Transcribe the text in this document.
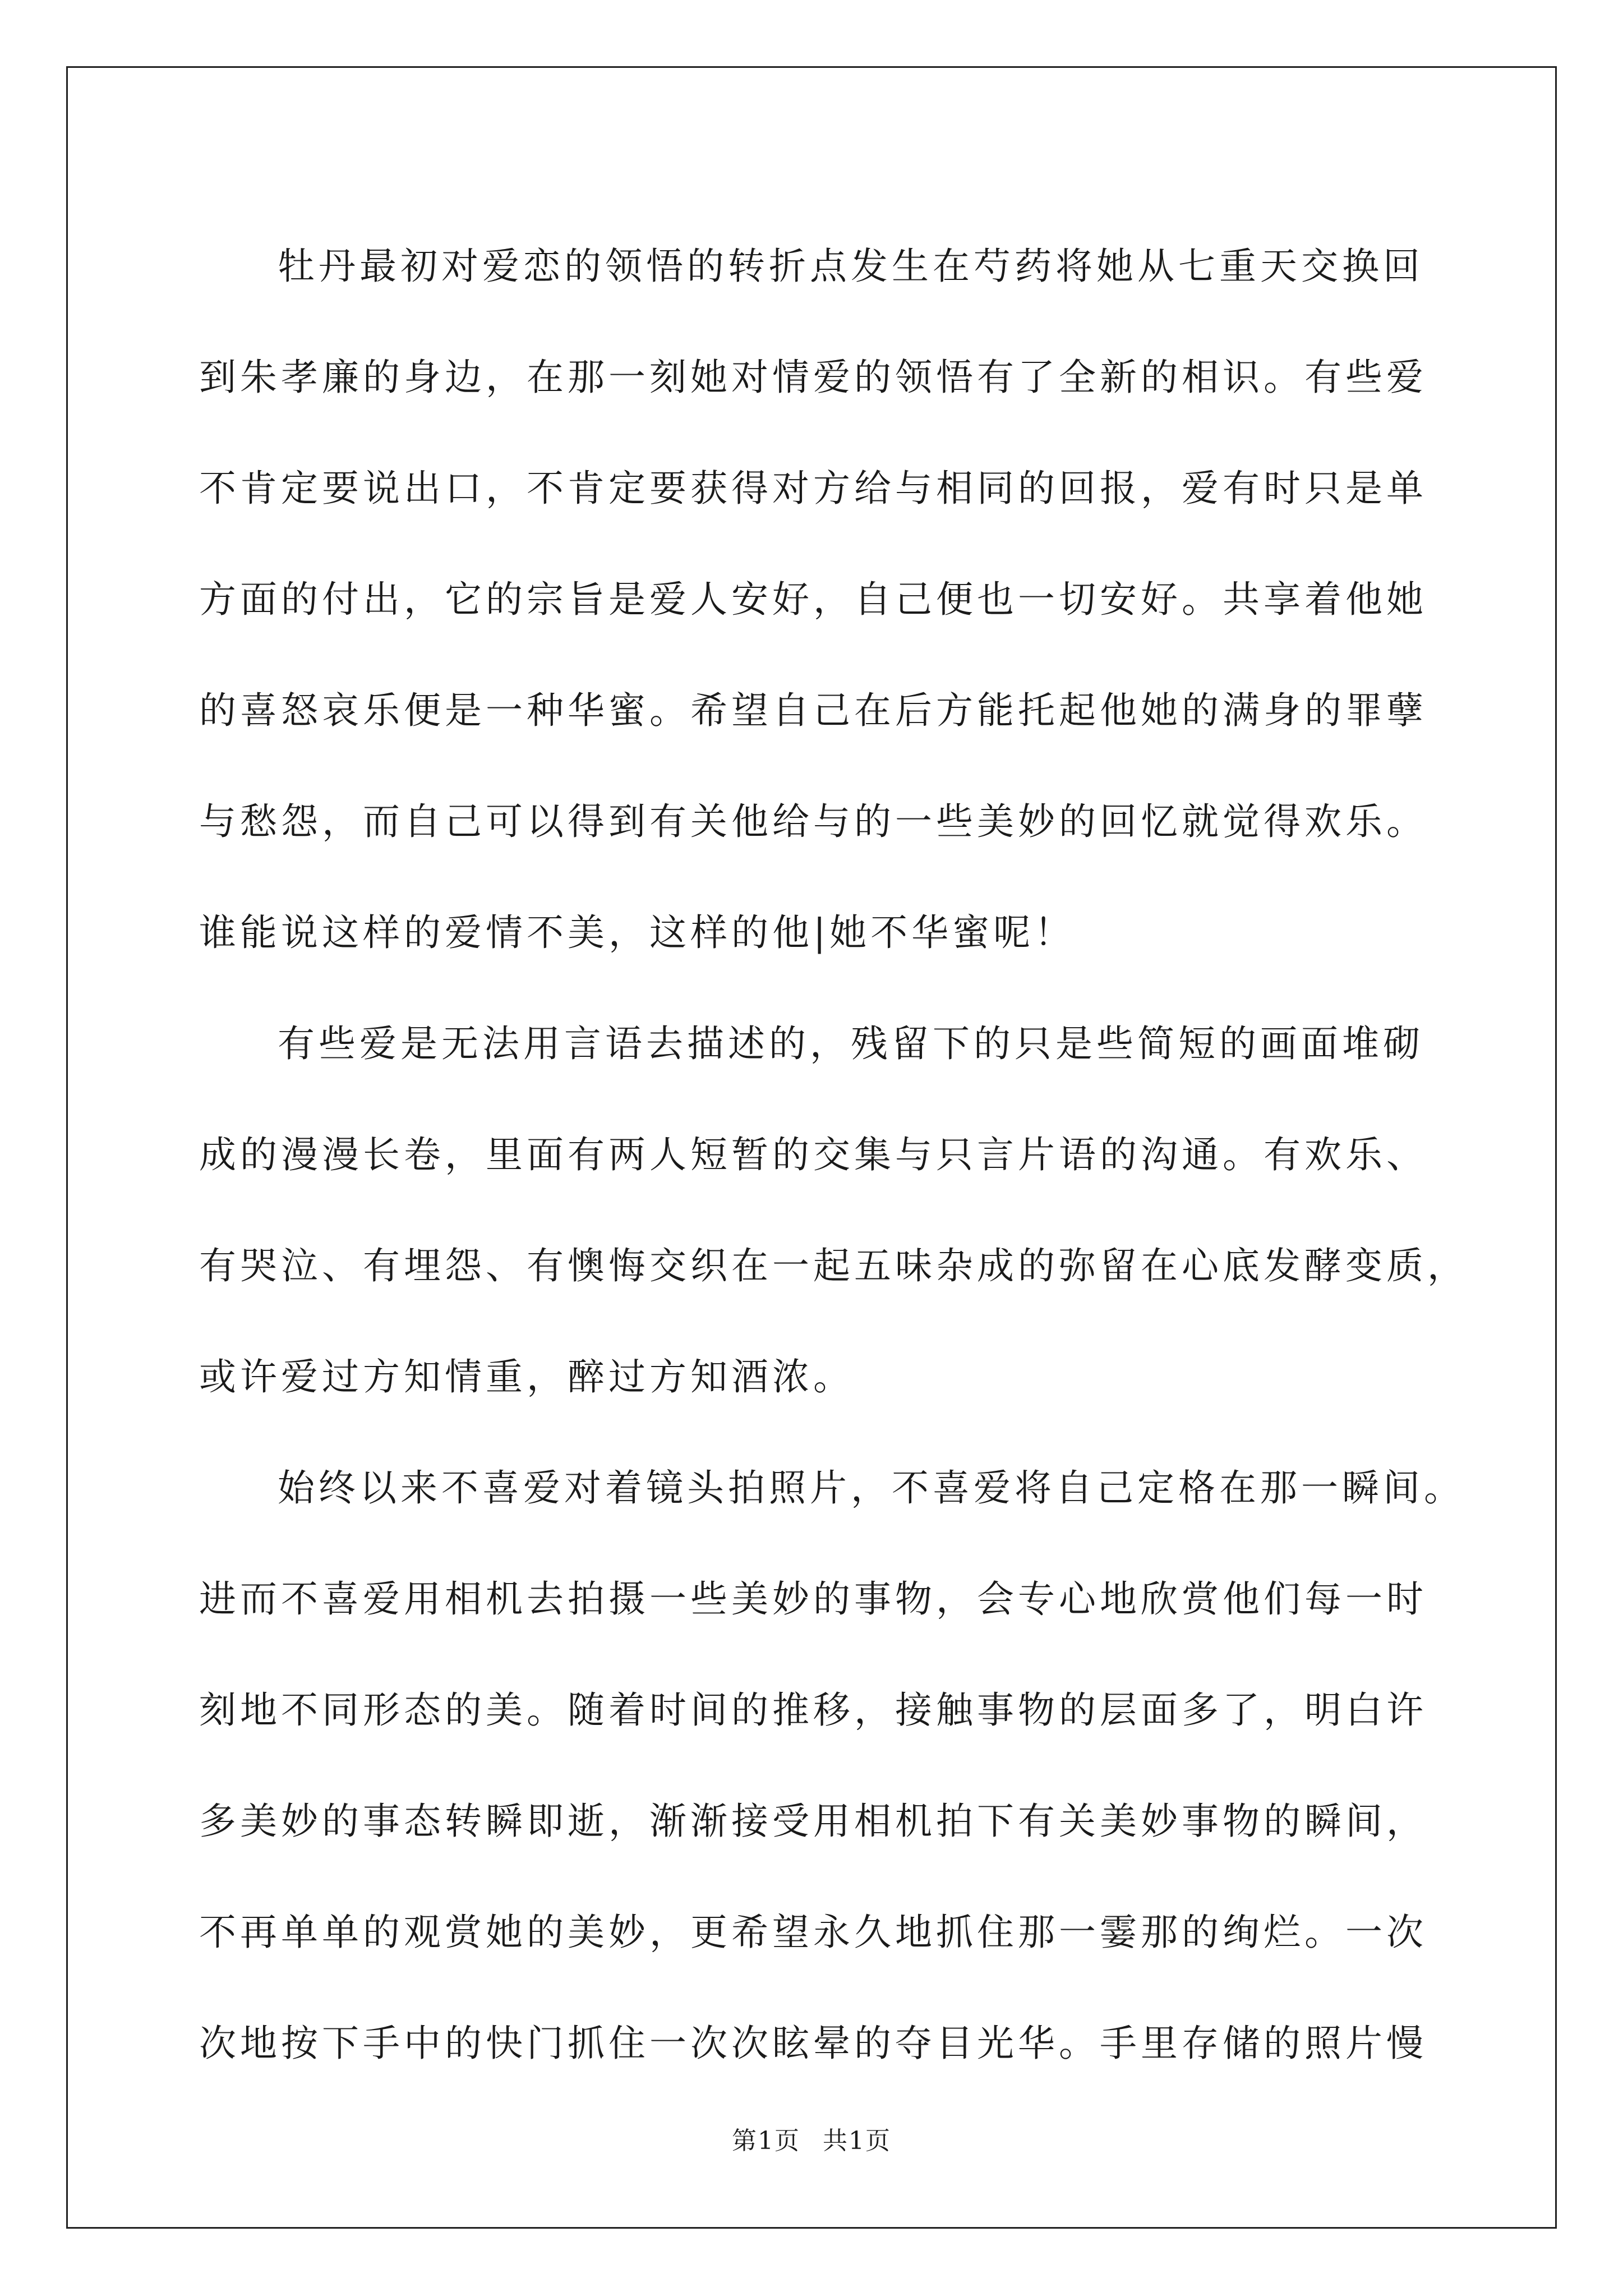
牡丹最初对爱恋的领悟的转折点发生在芍药将她从七重天交换回
到朱孝廉的身边，在那一刻她对情爱的领悟有了全新的相识。有些爱
不肯定要说出口，不肯定要获得对方给与相同的回报，爱有时只是单
方面的付出，它的宗旨是爱人安好，自己便也一切安好。共享着他她
的喜怒哀乐便是一种华蜜。希望自己在后方能托起他她的满身的罪孽
与愁怨，而自己可以得到有关他给与的一些美妙的回忆就觉得欢乐。
谁能说这样的爱情不美，这样的他|她不华蜜呢！
有些爱是无法用言语去描述的，残留下的只是些简短的画面堆砌
成的漫漫长卷，里面有两人短暂的交集与只言片语的沟通。有欢乐、
有哭泣、有埋怨、有懊悔交织在一起五味杂成的弥留在心底发酵变质，
或许爱过方知情重，醉过方知酒浓。
始终以来不喜爱对着镜头拍照片，不喜爱将自己定格在那一瞬间。
进而不喜爱用相机去拍摄一些美妙的事物，会专心地欣赏他们每一时
刻地不同形态的美。随着时间的推移，接触事物的层面多了，明白许
多美妙的事态转瞬即逝，渐渐接受用相机拍下有关美妙事物的瞬间，
不再单单的观赏她的美妙，更希望永久地抓住那一霎那的绚烂。一次
次地按下手中的快门抓住一次次眩晕的夺目光华。手里存储的照片慢
第1页 共1页
